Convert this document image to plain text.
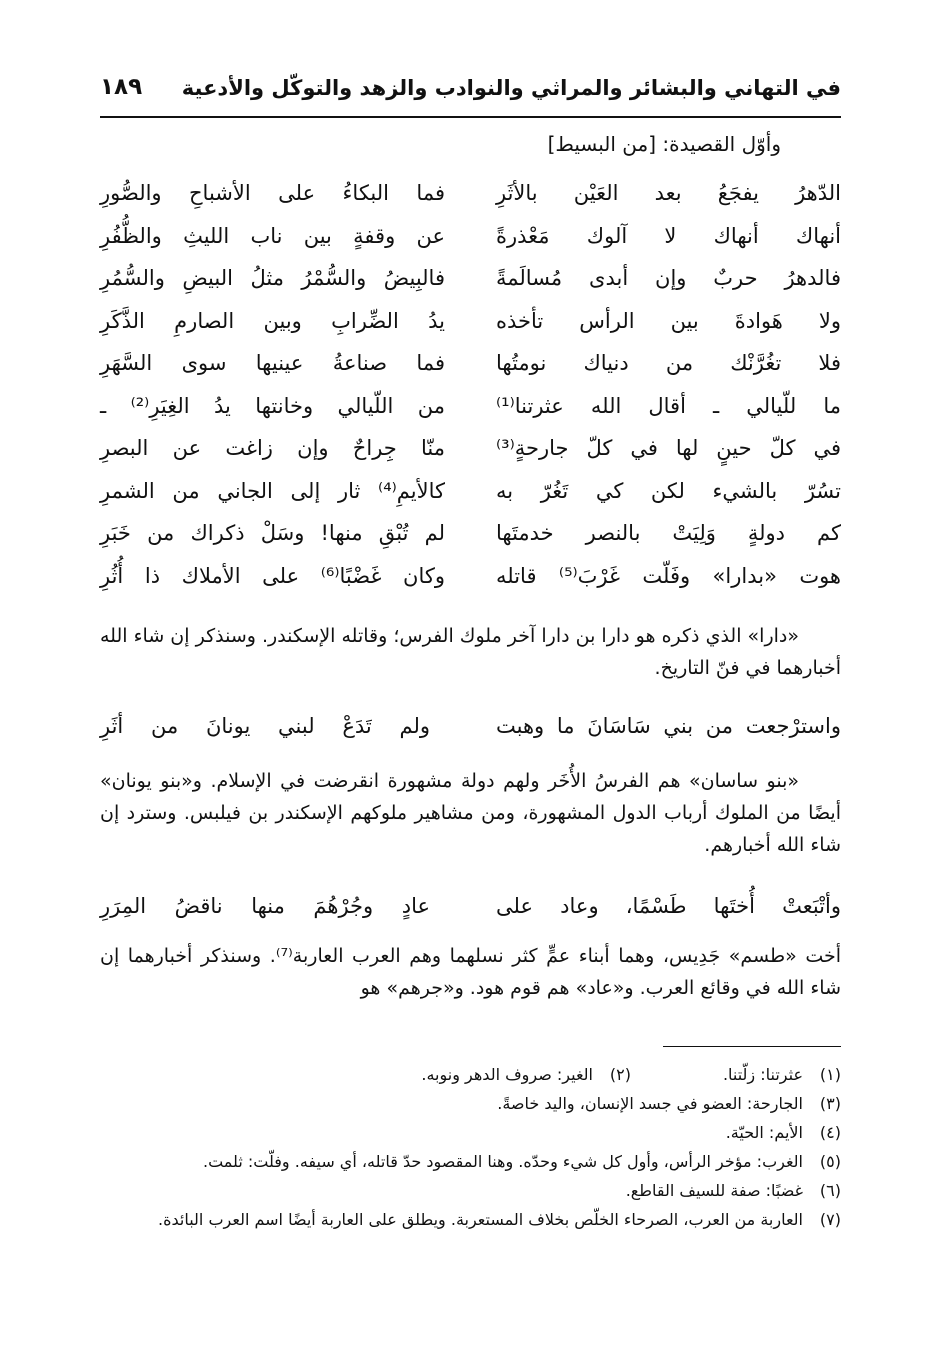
في التهاني والبشائر والمراثي والنوادب والزهد والتوكّل والأدعية
١٨٩
وأوّل القصيدة: [من البسيط]
الدّهرُ يفجَعُ بعد العَيْن بالأثَرِ
فما البكاءُ على الأشباحِ والصُّورِ
أنهاك أنهاك لا آلوك مَعْذرةً
عن وقفةٍ بين ناب الليثِ والظُّفُرِ
فالدهرُ حربٌ وإن أبدى مُسالَمةً
فالبِيضُ والسُّمْرُ مثلُ البيضِ والسُّمُرِ
ولا هَوادةَ بين الرأس تأخذه
يدُ الضِّرابِ وبين الصارمِ الذَّكَرِ
فلا تغُرَّنْك من دنياك نومتُها
فما صناعةُ عينيها سوى السَّهَرِ
ما للّيالي ـ أقال الله عثرتنا⁽¹⁾
من اللّيالي وخانتها يدُ الغِيَرِ⁽²⁾ ـ
في كلّ حينٍ لها في كلّ جارحةٍ⁽³⁾
منّا جِراحٌ وإن زاغت عن البصرِ
تسُرّ بالشيء لكن كي تَغُرّ به
كالأيمِ⁽⁴⁾ ثار إلى الجاني من الشمرِ
كم دولةٍ وَلِيَتْ بالنصر خدمتَها
لم تُبْقِ منها! وسَلْ ذكراك من خَبَرِ
هوت «بدارا» وفَلّت غَرْبَ⁽⁵⁾ قاتله
وكان غَضْبًا⁽⁶⁾ على الأملاك ذا أُثُرِ
«دارا» الذي ذكره هو دارا بن دارا آخر ملوك الفرس؛ وقاتله الإسكندر. وسنذكر إن شاء الله أخبارهما في فنّ التاريخ.
واسترْجعت من بني سَاسَانَ ما وهبت
ولم تَدَعْ لبني يونانَ من أثَرِ
«بنو ساسان» هم الفرسُ الأُخَر ولهم دولة مشهورة انقرضت في الإسلام. و«بنو يونان» أيضًا من الملوك أرباب الدول المشهورة، ومن مشاهير ملوكهم الإسكندر بن فيلبس. وسترد إن شاء الله أخبارهم.
وأتْبَعتْ أُختَها طَسْمًا، وعاد على
عادٍ وجُرْهُمَ منها ناقضُ المِرَرِ
أخت «طسم» جَدِيس، وهما أبناء عمٍّ كثر نسلهما وهم العرب العاربة⁽⁷⁾. وسنذكر أخبارهما إن شاء الله في وقائع العرب. و«عاد» هم قوم هود. و«جرهم» هو
(١)
عثرتنا: زلّتنا.
(٢)
الغير: صروف الدهر ونوبه.
(٣)
الجارحة: العضو في جسد الإنسان، واليد خاصةً.
(٤)
الأيم: الحيّة.
(٥)
الغرب: مؤخر الرأس، وأول كل شيء وحدّه. وهنا المقصود حدّ قاتله، أي سيفه. وفلّت: ثلمت.
(٦)
غضبًا: صفة للسيف القاطع.
(٧)
العاربة من العرب، الصرحاء الخلّص بخلاف المستعربة. ويطلق على العاربة أيضًا اسم العرب البائدة.
